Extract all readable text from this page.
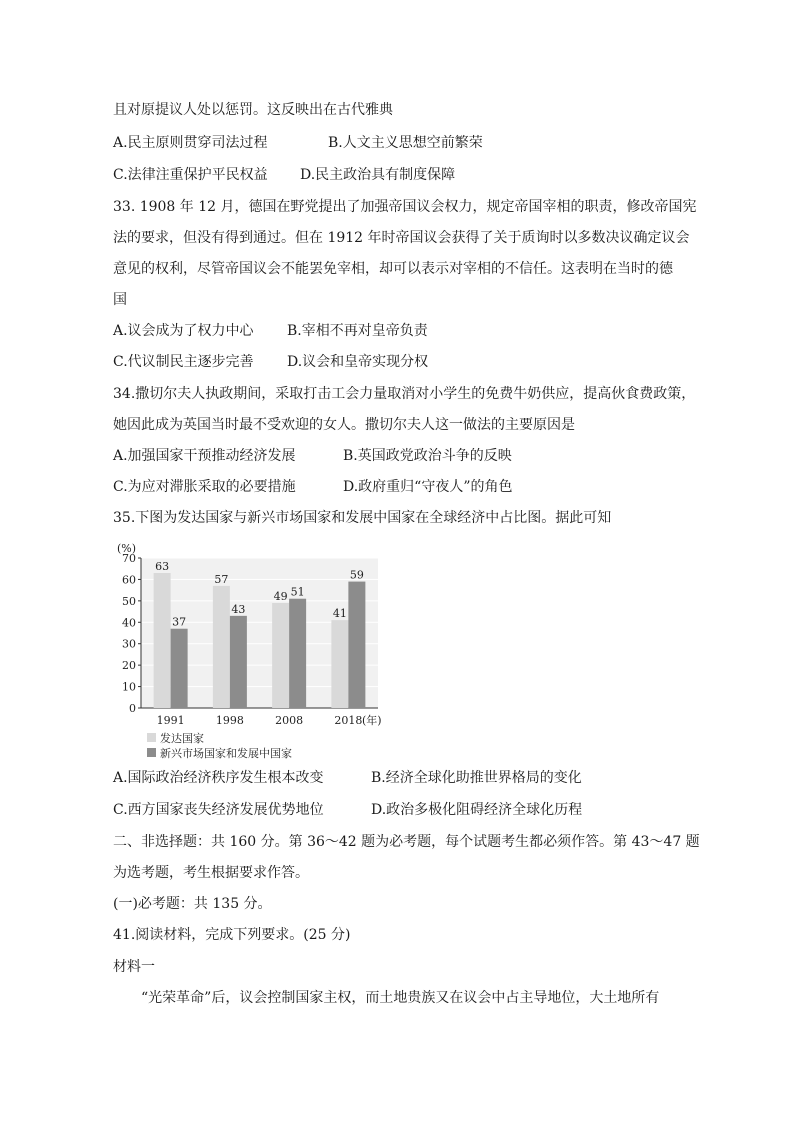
且对原提议人处以惩罚。这反映出在古代雅典
A.民主原则贯穿司法过程	B.人文主义思想空前繁荣
C.法律注重保护平民权益 D.民主政治具有制度保障
33. 1908 年 12 月，德国在野党提出了加强帝国议会权力，规定帝国宰相的职责，修改帝国宪
法的要求，但没有得到通过。但在 1912 年时帝国议会获得了关于质询时以多数决议确定议会
意见的权利，尽管帝国议会不能罢免宰相，却可以表示对宰相的不信任。这表明在当时的德
国
A.议会成为了权力中心 B.宰相不再对皇帝负责
C.代议制民主逐步完善 D.议会和皇帝实现分权
34.撒切尔夫人执政期间，采取打击工会力量取消对小学生的免费牛奶供应，提高伙食费政策，
她因此成为英国当时最不受欢迎的女人。撒切尔夫人这一做法的主要原因是
A.加强国家干预推动经济发展	B.英国政党政治斗争的反映
C.为应对滞胀采取的必要措施	D.政府重归“守夜人”的角色
35.下图为发达国家与新兴市场国家和发展中国家在全球经济中占比图。据此可知
0
10
20
30
40
50
60
70
(%)
63
37
1991
57
43
1998
49 51
2008
41
59
2018 (年)
发达国家
新兴市场国家和发展中国家
A.国际政治经济秩序发生根本改变	B.经济全球化助推世界格局的变化
C.西方国家丧失经济发展优势地位	D.政治多极化阻碍经济全球化历程
二、非选择题：共 160 分。第 36～42 题为必考题，每个试题考生都必须作答。第 43～47 题
为选考题，考生根据要求作答。
(一)必考题：共 135 分。
41.阅读材料，完成下列要求。(25 分)
材料一
“光荣革命”后，议会控制国家主权，而土地贵族又在议会中占主导地位，大土地所有
